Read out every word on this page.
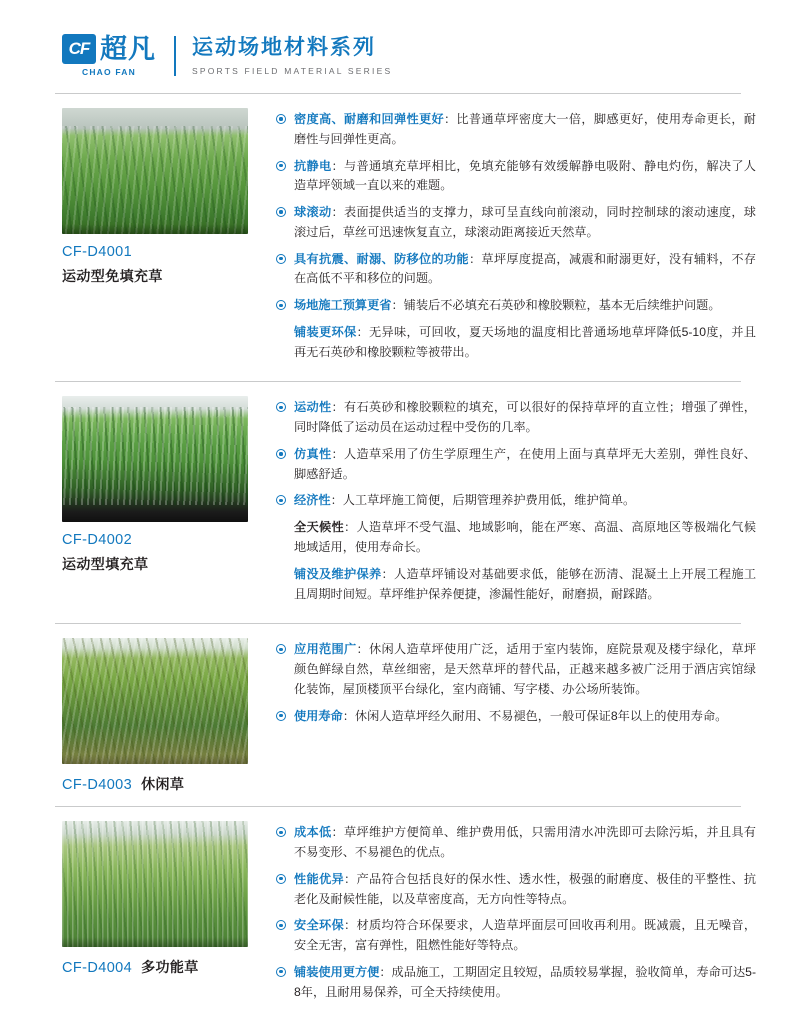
CF 超凡
CHAO FAN
运动场地材料系列
SPORTS FIELD MATERIAL SERIES
CF-D4001
运动型免填充草
密度高、耐磨和回弹性更好：比普通草坪密度大一倍，脚感更好，使用寿命更长，耐磨性与回弹性更高。
抗静电：与普通填充草坪相比，免填充能够有效缓解静电吸附、静电灼伤，解决了人造草坪领域一直以来的难题。
球滚动：表面提供适当的支撑力，球可呈直线向前滚动，同时控制球的滚动速度，球滚过后，草丝可迅速恢复直立，球滚动距离接近天然草。
具有抗震、耐溺、防移位的功能：草坪厚度提高，减震和耐溺更好，没有辅料，不存在高低不平和移位的问题。
场地施工预算更省：铺装后不必填充石英砂和橡胶颗粒，基本无后续维护问题。
铺装更环保：无异味，可回收，夏天场地的温度相比普通场地草坪降低5-10度，并且再无石英砂和橡胶颗粒等被带出。
CF-D4002
运动型填充草
运动性：有石英砂和橡胶颗粒的填充，可以很好的保持草坪的直立性；增强了弹性，同时降低了运动员在运动过程中受伤的几率。
仿真性：人造草采用了仿生学原理生产，在使用上面与真草坪无大差别，弹性良好、脚感舒适。
经济性：人工草坪施工简便，后期管理养护费用低，维护简单。
全天候性：人造草坪不受气温、地域影响，能在严寒、高温、高原地区等极端化气候地域适用，使用寿命长。
铺没及维护保养：人造草坪铺设对基础要求低，能够在沥清、混凝土上开展工程施工且周期时间短。草坪维护保养便捷，渗漏性能好，耐磨损，耐踩踏。
CF-D4003 休闲草
应用范围广：休闲人造草坪使用广泛，适用于室内装饰，庭院景观及楼宇绿化，草坪颜色鲜绿自然，草丝细密，是天然草坪的替代品，正越来越多被广泛用于酒店宾馆绿化装饰，屋顶楼顶平台绿化，室内商铺、写字楼、办公场所装饰。
使用寿命：休闲人造草坪经久耐用、不易褪色，一般可保证8年以上的使用寿命。
CF-D4004 多功能草
成本低：草坪维护方便简单、维护费用低，只需用清水冲洗即可去除污垢，并且具有不易变形、不易褪色的优点。
性能优异：产品符合包括良好的保水性、透水性，极强的耐磨度、极佳的平整性、抗老化及耐候性能，以及草密度高，无方向性等特点。
安全环保：材质均符合环保要求，人造草坪面层可回收再利用。既减震，且无噪音，安全无害，富有弹性，阻燃性能好等特点。
铺装使用更方便：成品施工，工期固定且较短，品质较易掌握，验收简单，寿命可达5-8年，且耐用易保养，可全天持续使用。
